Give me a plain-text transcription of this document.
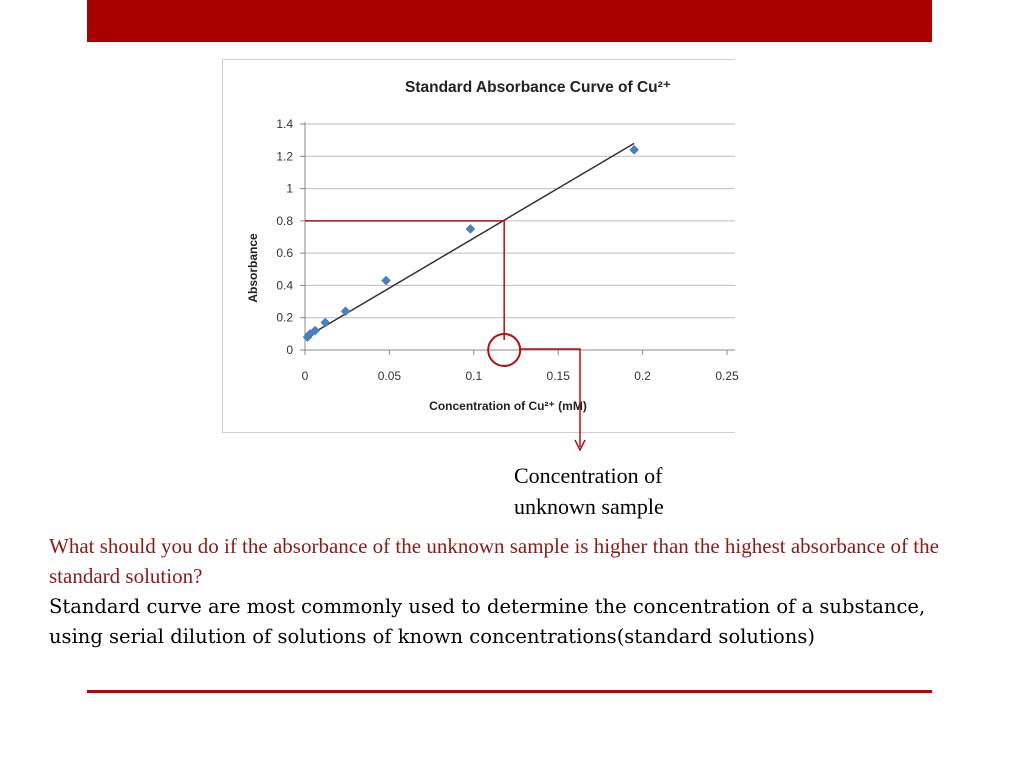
Standard Absorbance Curve of Cu²⁺
0
0.2
0.4
0.6
0.8
1
1.2
1.4
0	0.05	0.1	0.15	0.2	0.25
Concentration of Cu²⁺ (mM)
Absorbance
Concentration of
unknown sample
What should you do if the absorbance of the unknown sample is higher than the highest absorbance of the standard solution?
Standard curve are most commonly used to determine the concentration of a substance, using serial dilution of solutions of known concentrations(standard solutions)
